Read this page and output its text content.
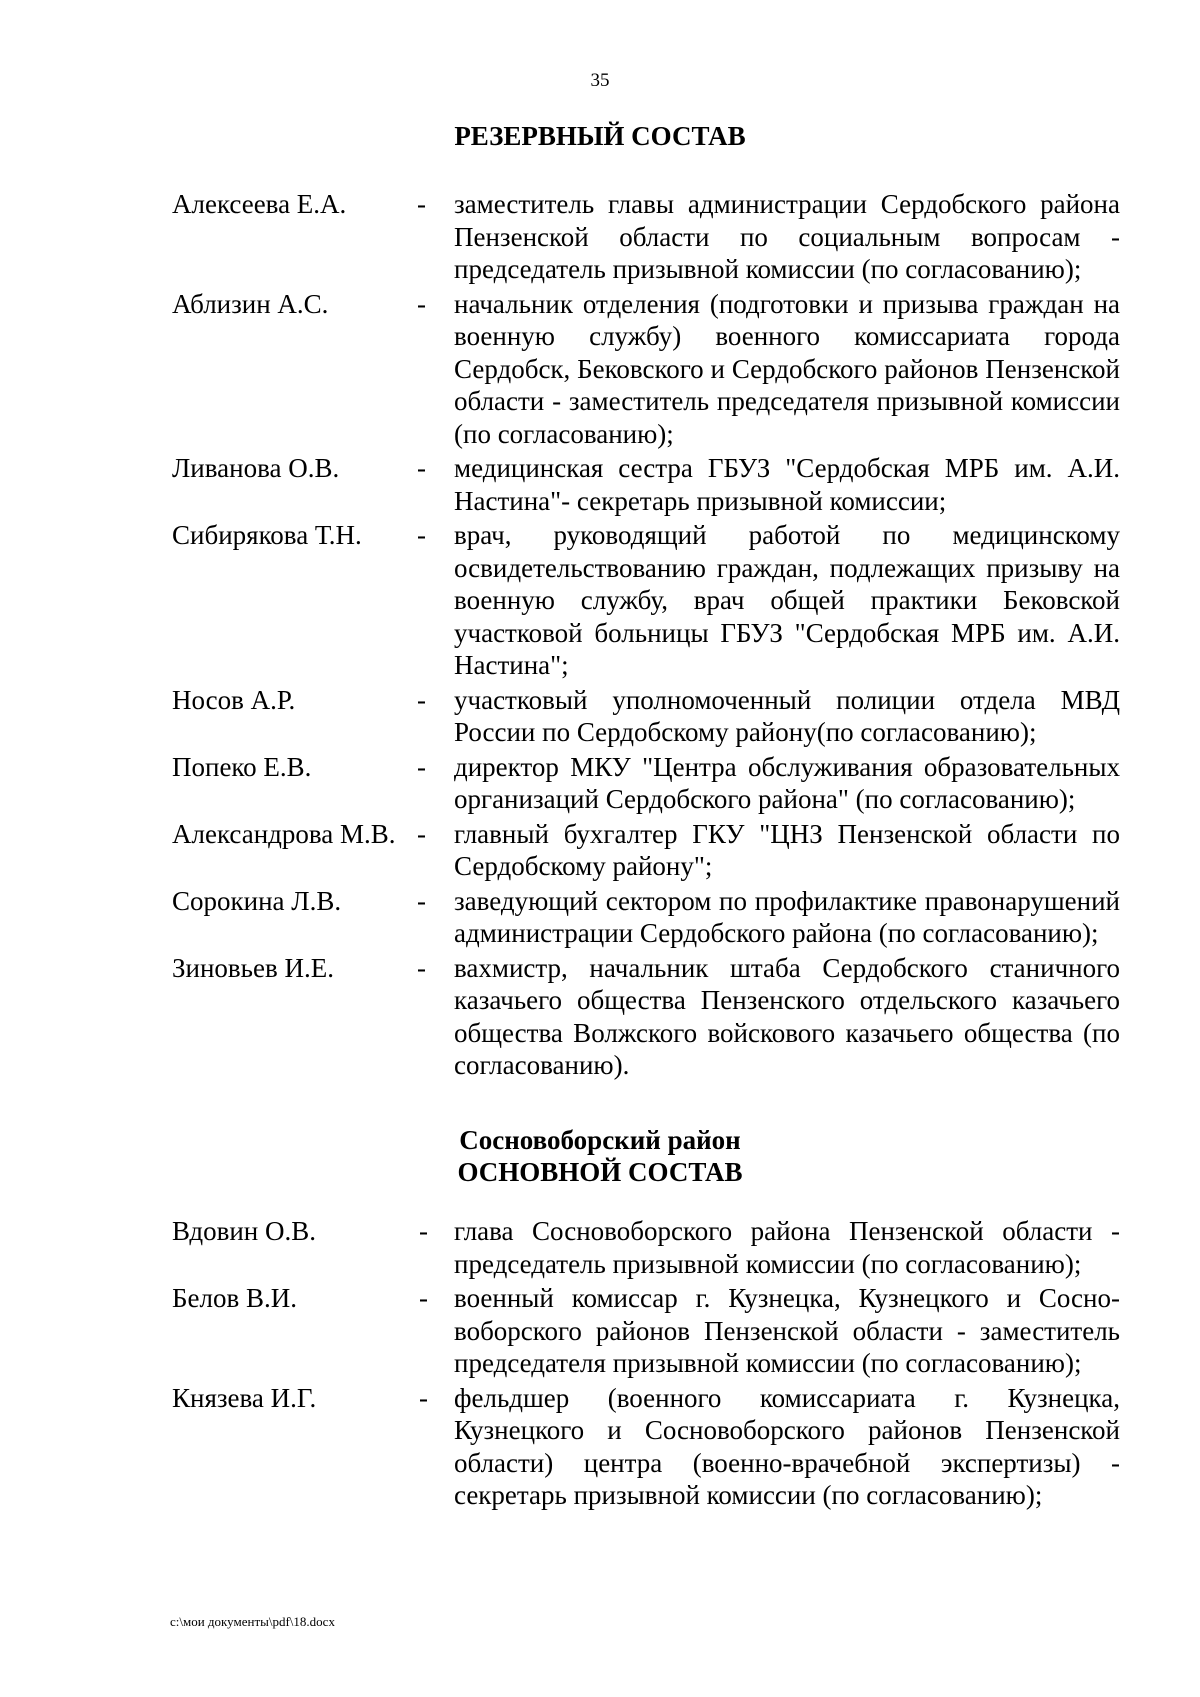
35
РЕЗЕРВНЫЙ СОСТАВ
Алексеева Е.А.	-	заместитель главы администрации Сердобского района Пензенской области по социальным вопросам - председатель призывной комиссии (по согласованию);
Аблизин А.С.	-	начальник отделения (подготовки и призыва граждан на военную службу) военного комиссариата города Сердобск, Бековского и Сердобского районов Пензенской области - заместитель председателя призывной комиссии (по согласованию);
Ливанова О.В.	-	медицинская сестра ГБУЗ "Сердобская МРБ им. А.И. Настина"- секретарь призывной комиссии;
Сибирякова Т.Н.	-	врач, руководящий работой по медицинскому освидетельствованию граждан, подлежащих призыву на военную службу, врач общей практики Бековской участковой больницы ГБУЗ "Сердобская МРБ им. А.И. Настина";
Носов А.Р.	-	участковый уполномоченный полиции отдела МВД России по Сердобскому району(по согласованию);
Попеко Е.В.	-	директор МКУ "Центра обслуживания образовательных организаций Сердобского района" (по согласованию);
Александрова М.В. -	главный бухгалтер ГКУ "ЦНЗ Пензенской области по Сердобскому району";
Сорокина Л.В.	-	заведующий сектором по профилактике правонарушений администрации Сердобского района (по согласованию);
Зиновьев И.Е.	-	вахмистр, начальник штаба Сердобского станичного казачьего общества Пензенского отдельского казачьего общества Волжского войскового казачьего общества (по согласованию).
Сосновоборский район
ОСНОВНОЙ СОСТАВ
Вдовин О.В.	- глава Сосновоборского района Пензенской области - председатель призывной комиссии (по согласованию);
Белов В.И.	- военный комиссар г. Кузнецка, Кузнецкого и Сосновоборского районов Пензенской области - заместитель председателя призывной комиссии (по согласованию);
Князева И.Г.	- фельдшер (военного комиссариата г. Кузнецка, Кузнецкого и Сосновоборского районов Пензенской области) центра (военно-врачебной экспертизы) - секретарь призывной комиссии (по согласованию);
c:\мои документы\pdf\18.docx
